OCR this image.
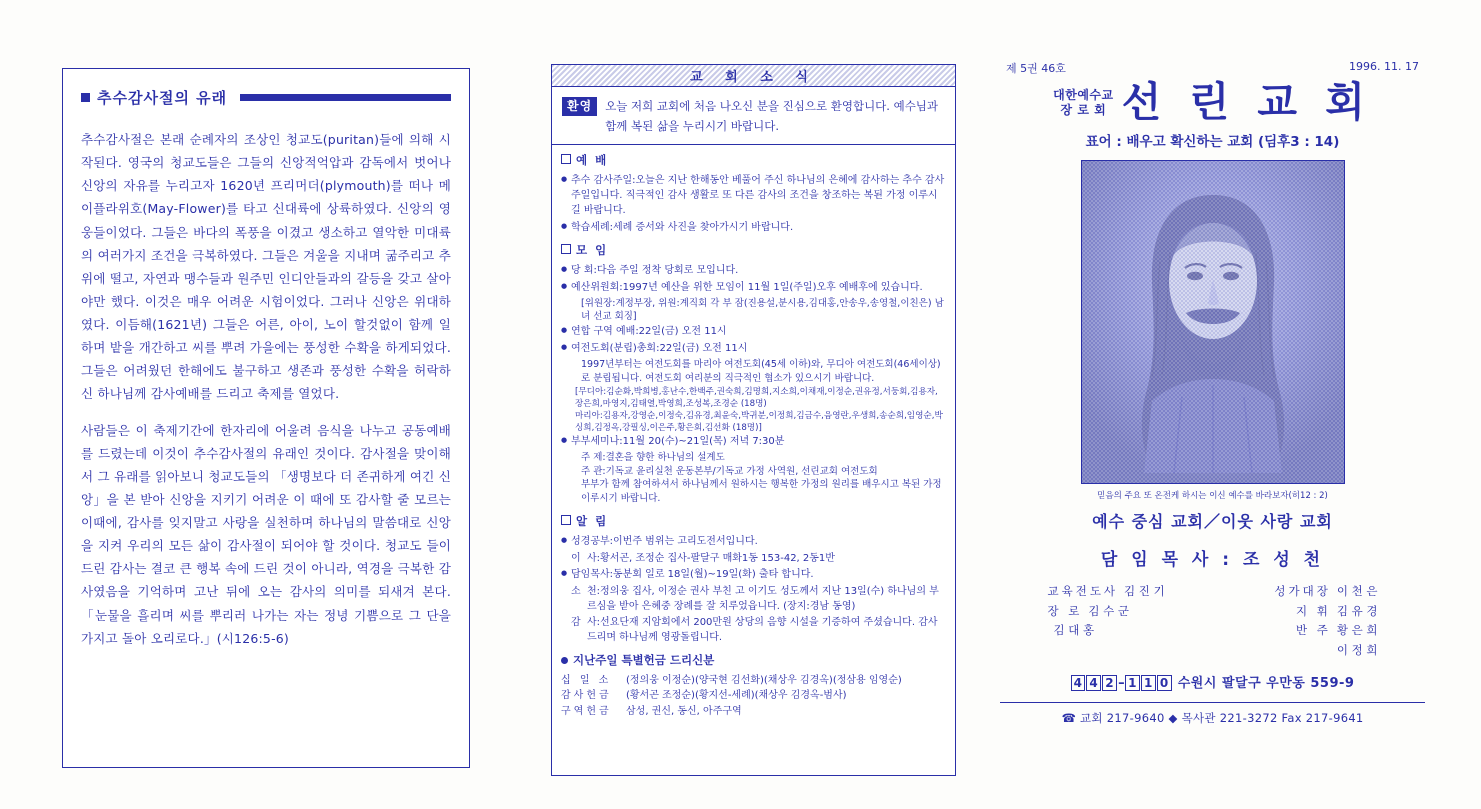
추수감사절의 유래

추수감사절은 본래 순례자의 조상인 청교도(puritan)들에 의해 시작된다. 영국의 청교도들은 그들의 신앙적억압과 감독에서 벗어나 신앙의 자유를 누리고자 1620년 프리머더(plymouth)를 떠나 메이플라위호(May-Flower)를 타고 신대륙에 상륙하였다. 신앙의 영웅들이었다. 그들은 바다의 폭풍을 이겼고 생소하고 열악한 미대륙의 여러가지 조건을 극복하였다. 그들은 겨울을 지내며 굶주리고 추위에 떨고, 자연과 맹수들과 원주민 인디안들과의 갈등을 갖고 살아야만 했다. 이것은 매우 어려운 시험이었다. 그러나 신앙은 위대하였다. 이듬해(1621년) 그들은 어른, 아이, 노이 할것없이 함께 일하며 밭을 개간하고 씨를 뿌려 가을에는 풍성한 수확을 하게되었다. 그들은 어려웠던 한해에도 불구하고 생존과 풍성한 수확을 허락하신 하나님께 감사예배를 드리고 축제를 열었다.

사람들은 이 축제기간에 한자리에 어울려 음식을 나누고 공동예배를 드렸는데 이것이 추수감사절의 유래인 것이다. 감사절을 맞이해서 그 유래를 읽아보니 청교도들의 「생명보다 더 존귀하게 여긴 신앙」을 본 받아 신앙을 지키기 어려운 이 때에 또 감사할 줄 모르는 이때에, 감사를 잊지말고 사랑을 실천하며 하나님의 말씀대로 신앙을 지켜 우리의 모든 삶이 감사절이 되어야 할 것이다. 청교도 들이 드린 감사는 결코 큰 행복 속에 드린 것이 아니라, 역경을 극복한 감사였음을 기억하며 고난 뒤에 오는 감사의 의미를 되새겨 본다. 「눈물을 흘리며 씨를 뿌리러 나가는 자는 정녕 기쁨으로 그 단을 가지고 돌아 오리로다.」(시126:5-6)

교 회 소 식
환영	오늘 저희 교회에 처음 나오신 분을 진심으로 환영합니다. 예수님과 함께 복된 삶을 누리시기 바랍니다.
예 배
● 추수 감사주일:오늘은 지난 한해동안 베풀어 주신 하나님의 은혜에 감사하는 추수 감사주일입니다. 직극적인 감사 생활로 또 다른 감사의 조건을 창조하는 복된 가정 이루시길 바랍니다.
● 학습세례:세례 증서와 사진을 찾아가시기 바랍니다.
모 임
● 당 회:다음 주일 정착 당회로 모입니다.
● 예산위원회:1997년 예산을 위한 모임이 11월 1일(주일)오후 예배후에 있습니다.
[위원장:계정부장, 위원:계직회 각 부 잠(진용설,분시용,김대홍,안송우,송영철,이친은) 남녀 선교 회징]
● 연합 구역 예배:22일(금) 오전 11시
● 여전도회(분립)총회:22일(금) 오전 11시
1997년부터는 여전도회를 마리아 여전도회(45세 이하)와, 무디아 여전도회(46세이상)로 분립됩니다. 여전도회 여리분의 직극적인 협소가 있으시기 바랍니다.
[무디아:김순화,박희병,홍난수,한백주,권숙희,김명희,지소희,이채재,이정순,권유정,서둥회,김용자,장은희,마영지,김태열,박영희,조성복,조경순 (18명)
마리아:김용자,강영순,이정숙,김유경,최윤숙,박귀분,이정희,김금수,음영란,우생희,송순희,임영순,박싱희,김정옥,강필싱,이은주,황은회,김선화 (18명)]
● 부부세미나:11월 20(수)~21일(목) 저녁 7:30분
주 제:결혼을 향한 하나님의 설계도
주 관:기독교 윤리실천 운동본부/기독교 가정 사역원, 선린교회 여전도회
부부가 함께 참여하셔서 하나님께서 원하시는 행복한 가정의 원리를 배우시고 복된 가정 이루시기 바랍니다.
알 림
● 성경공부:이번주 범위는 고리도전서입니다.
이 사:황서곤, 조정순 집사-팔달구 매화1동 153-42, 2동1반
● 담임목사:동분회 일로 18일(월)~19일(화) 출타 합니다.
소 천:정의웅 집사, 이정순 권사 부친 고 이기도 성도께서 지난 13일(수) 하나님의 부르심을 받아 은혜중 장례를 잘 치루었읍니다. (장지:경남 동영)
감 사:선요단재 지암회에서 200만원 상당의 음향 시설을 기증하여 주셨습니다. 감사드리며 하나님께 영광돌립니다.
지난주일 특별헌금 드리신분
십 일 소	(정의웅 이정순)(양국현 김선화)(채상우 김경옥)(정삼용 임영순)
감사헌금	(황서곤 조정순)(황지선-세례)(채상우 김경옥-범사)
구역헌금	삼성, 권신, 동신, 아주구역
제 5권 46호	1996. 11. 17
대한예수교
장 로 회 선 린 교 회
표어 : 배우고 확신하는 교회 (딤후3 : 14)
믿음의 주요 또 온전케 하시는 이신 예수를 바라보자(히12 : 2)
예수 중심 교회／이웃 사랑 교회
담 임 목 사 : 조 성 천
교육전도사 김 진 기	성가대장 이 천 은
장 로 김 수 군	지 휘 김 유 경
김 대 홍	반 주 황 은 희
이 정 희
4 4 2 – 1 1 0 수원시 팔달구 우만동 559-9
☎ 교회 217-9640 ◆ 목사관 221-3272 Fax 217-9641
